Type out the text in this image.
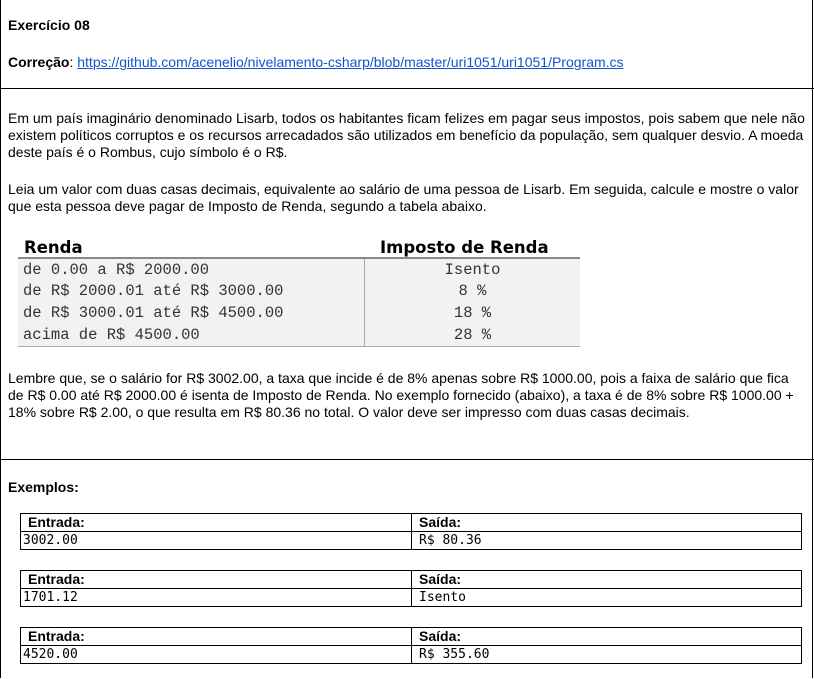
Exercício 08
Correção: https://github.com/acenelio/nivelamento-csharp/blob/master/uri1051/uri1051/Program.cs
Em um país imaginário denominado Lisarb, todos os habitantes ficam felizes em pagar seus impostos, pois sabem que nele não existem políticos corruptos e os recursos arrecadados são utilizados em benefício da população, sem qualquer desvio. A moeda deste país é o Rombus, cujo símbolo é o R$.
Leia um valor com duas casas decimais, equivalente ao salário de uma pessoa de Lisarb. Em seguida, calcule e mostre o valor que esta pessoa deve pagar de Imposto de Renda, segundo a tabela abaixo.
Renda	Imposto de Renda
de 0.00 a R$ 2000.00	Isento
de R$ 2000.01 até R$ 3000.00	8 %
de R$ 3000.01 até R$ 4500.00	18 %
acima de R$ 4500.00	28 %
Lembre que, se o salário for R$ 3002.00, a taxa que incide é de 8% apenas sobre R$ 1000.00, pois a faixa de salário que fica de R$ 0.00 até R$ 2000.00 é isenta de Imposto de Renda. No exemplo fornecido (abaixo), a taxa é de 8% sobre R$ 1000.00 + 18% sobre R$ 2.00, o que resulta em R$ 80.36 no total. O valor deve ser impresso com duas casas decimais.
Exemplos:
Entrada:	Saída:
3002.00	R$ 80.36
Entrada:	Saída:
1701.12	Isento
Entrada:	Saída:
4520.00	R$ 355.60
